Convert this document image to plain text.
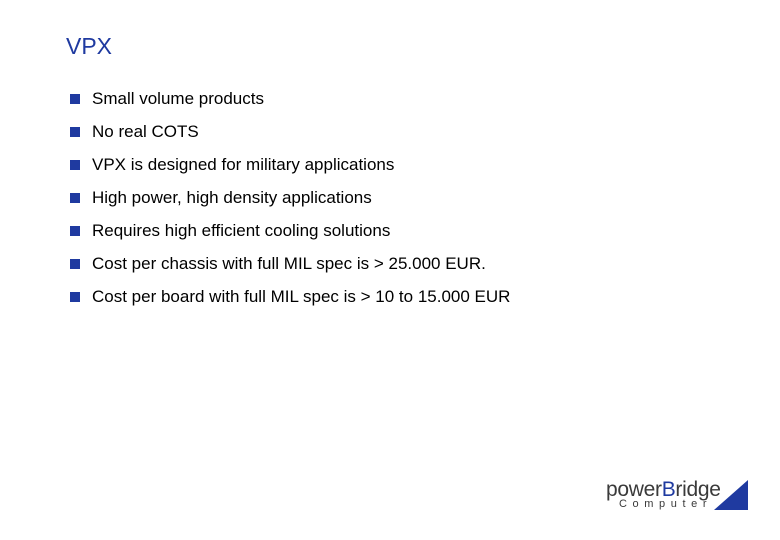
VPX
Small volume products
No real COTS
VPX is designed for military applications
High power, high density applications
Requires high efficient cooling solutions
Cost per chassis with full MIL spec is > 25.000 EUR.
Cost per board with full MIL spec is > 10 to 15.000 EUR
powerBridge
Computer
